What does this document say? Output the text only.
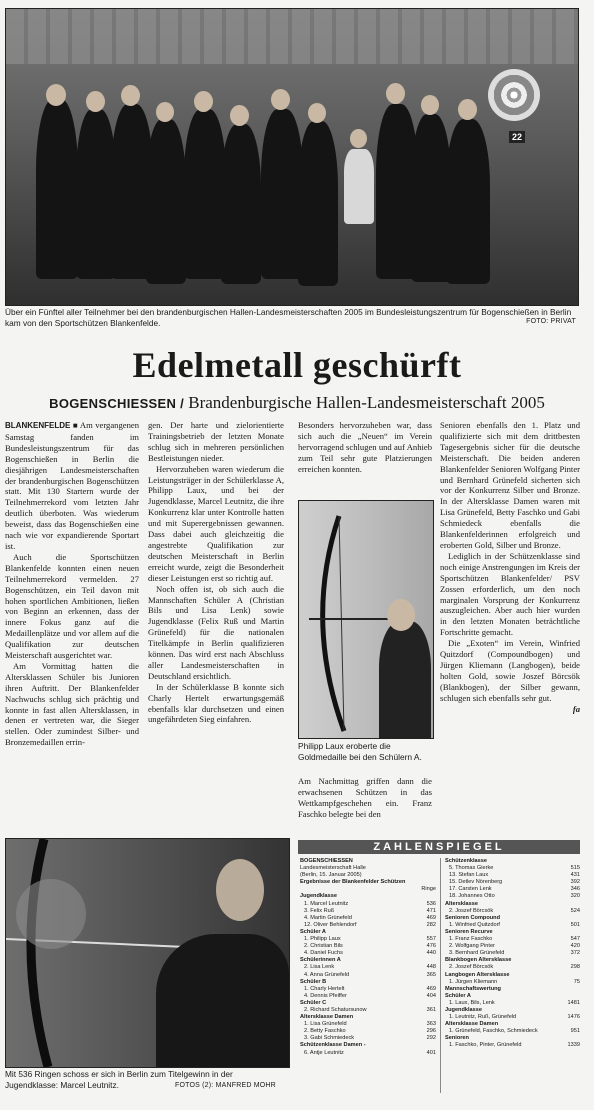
22
Über ein Fünftel aller Teilnehmer bei den brandenburgischen Hallen-Landesmeisterschaften 2005 im Bundesleistungszentrum für Bogenschießen in Berlin kam von den Sportschützen Blankenfelde.	FOTO: PRIVAT
Edelmetall geschürft
BOGENSCHIESSEN / Brandenburgische Hallen-Landesmeisterschaft 2005

BLANKENFELDE ■ Am vergangenen Samstag fanden im Bundesleistungszentrum für das Bogenschießen in Berlin die diesjährigen Landesmeisterschaften der brandenburgischen Bogenschützen statt. Mit 130 Startern wurde der Teilnehmerrekord vom letzten Jahr deutlich überboten. Was wiederum beweist, dass das Bogenschießen eine nach wie vor expandierende Sportart ist.

Auch die Sportschützen Blankenfelde konnten einen neuen Teilnehmerrekord vermelden. 27 Bogenschützen, ein Teil davon mit hohen sportlichen Ambitionen, ließen von Beginn an erkennen, dass der innere Fokus ganz auf die Medaillenplätze und vor allem auf die Qualifikation zur deutschen Meisterschaft ausgerichtet war.

Am Vormittag hatten die Altersklassen Schüler bis Junioren ihren Auftritt. Der Blankenfelder Nachwuchs schlug sich prächtig und konnte in fast allen Altersklassen, in denen er vertreten war, die Sieger stellen. Oder zumindest Silber- und Bronzemedaillen errin-

gen. Der harte und zielorientierte Trainingsbetrieb der letzten Monate schlug sich in mehreren persönlichen Bestleistungen nieder.

Hervorzuheben waren wiederum die Leistungsträger in der Schülerklasse A, Philipp Laux, und bei der Jugendklasse, Marcel Leutnitz, die ihre Konkurrenz klar unter Kontrolle hatten und mit Superergebnissen gewannen. Dass dabei auch gleichzeitig die angestrebte Qualifikation zur deutschen Meisterschaft in Berlin erreicht wurde, zeigt die Besonderheit dieser Leistungen erst so richtig auf.

Noch offen ist, ob sich auch die Mannschaften Schüler A (Christian Bils und Lisa Lenk) sowie Jugendklasse (Felix Ruß und Martin Grünefeld) für die nationalen Titelkämpfe in Berlin qualifizieren können. Das wird erst nach Abschluss aller Landesmeisterschaften in Deutschland ersichtlich.

In der Schülerklasse B konnte sich Charly Hertelt erwartungsgemäß ebenfalls klar durchsetzen und einen ungefährdeten Sieg einfahren.

Besonders hervorzuheben war, dass sich auch die „Neuen“ im Verein hervorragend schlugen und auf Anhieb zum Teil sehr gute Platzierungen erreichen konnten.

Philipp Laux eroberte die Goldmedaille bei den Schülern A.

Am Nachmittag griffen dann die erwachsenen Schützen in das Wettkampfgeschehen ein. Franz Faschko belegte bei den

Senioren ebenfalls den 1. Platz und qualifizierte sich mit dem drittbesten Tagesergebnis sicher für die deutsche Meisterschaft. Die beiden anderen Blankenfelder Senioren Wolfgang Pinter und Bernhard Grünefeld sicherten sich vor der Konkurrenz Silber und Bronze. In der Altersklasse Damen waren mit Lisa Grünefeld, Betty Faschko und Gabi Schmiedeck ebenfalls die Blankenfelderinnen erfolgreich und eroberten Gold, Silber und Bronze.

Lediglich in der Schützenklasse sind noch einige Anstrengungen im Kreis der Sportschützen Blankenfelder/ PSV Zossen erforderlich, um den noch marginalen Vorsprung der Konkurrenz auszugleichen. Aber auch hier wurden in den letzten Monaten beträchtliche Fortschritte gemacht.

Die „Exoten“ im Verein, Winfried Quitzdorf (Compoundbogen) und Jürgen Kliemann (Langbogen), beide holten Gold, sowie Joszef Börcsök (Blankbogen), der Silber gewann, schlugen sich ebenfalls sehr gut.

fa
Mit 536 Ringen schoss er sich in Berlin zum Titelgewinn in der Jugendklasse: Marcel Leutnitz.	FOTOS (2): MANFRED MOHR
ZAHLENSPIEGEL
BOGENSCHIESSEN
Landesmeisterschaft Halle
(Berlin, 15. Januar 2005)
Ergebnisse der Blankenfelder Schützen
Ringe
Jugendklasse
1. Marcel Leutnitz	536
3. Felix Ruß	471
4. Martin Grünefeld	469
12. Oliver Behlendorf	282
Schüler A
1. Philipp Laux	557
2. Christian Bils	476
4. Daniel Fuchs	440
Schülerinnen A
2. Lisa Lenk	448
4. Anna Grünefeld	365
Schüler B
1. Charly Hertelt	469
4. Dennis Pfeiffer	404
Schüler C
2. Richard Schatursunow	361
Altersklasse Damen
1. Lisa Grünefeld	363
2. Betty Faschko	296
3. Gabi Schmiedeck	292
Schützenklasse Damen -
6. Antje Leutnitz	401
Schützenklasse
5. Thomas Gierke	515
13. Stefan Laux	431
15. Detlev Nörenberg	392
17. Carsten Lenk	346
18. Johannes Otto	320
Altersklasse
2. Joszef Börcsök	524
Senioren Compound
1. Winfried Quitzdorf	501
Senioren Recurve
1. Franz Faschko	547
2. Wolfgang Pinter	420
3. Bernhard Grünefeld	372
Blankbogen Altersklasse
2. Joszef Börcsök	298
Langbogen Altersklasse
1. Jürgen Kliemann	75
Mannschaftswertung
Schüler A
1. Laux, Bils, Lenk	1481
Jugendklasse
1. Leutnitz, Ruß, Grünefeld	1476
Altersklasse Damen
1. Grünefeld, Faschko, Schmiedeck	951
Senioren
1. Faschko, Pinter, Grünefeld	1339
